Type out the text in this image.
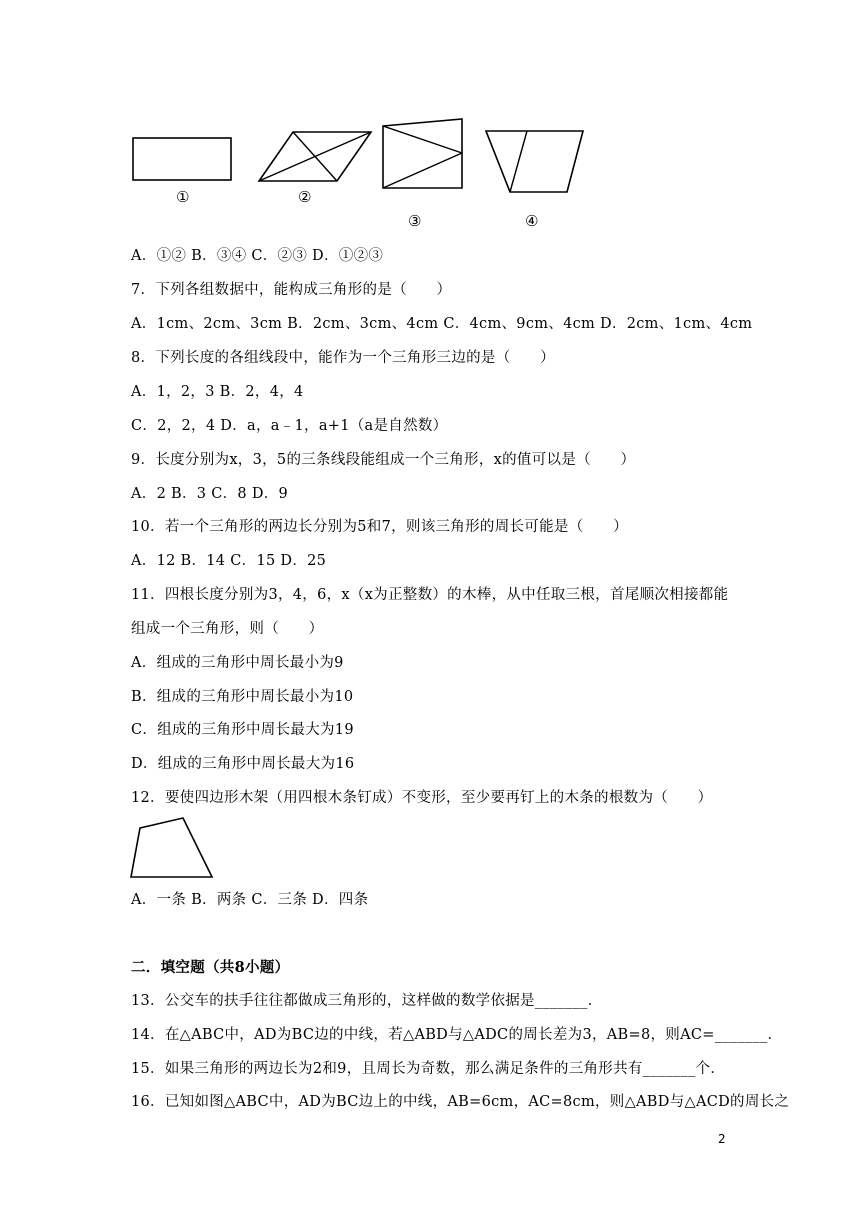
①	②
③	④

A．①② B．③④ C．②③ D．①②③

7．下列各组数据中，能构成三角形的是（　　）

A．1cm、2cm、3cm B．2cm、3cm、4cm C．4cm、9cm、4cm D．2cm、1cm、4cm

8．下列长度的各组线段中，能作为一个三角形三边的是（　　）

A．1，2，3 B．2，4，4

C．2，2，4 D．a，a﹣1，a+1（a是自然数）

9．长度分别为x，3，5的三条线段能组成一个三角形，x的值可以是（　　）

A．2 B．3 C．8 D．9

10．若一个三角形的两边长分别为5和7，则该三角形的周长可能是（　　）

A．12 B．14 C．15 D．25

11．四根长度分别为3，4，6，x（x为正整数）的木棒，从中任取三根，首尾顺次相接都能

组成一个三角形，则（　　）

A．组成的三角形中周长最小为9

B．组成的三角形中周长最小为10

C．组成的三角形中周长最大为19

D．组成的三角形中周长最大为16

12．要使四边形木架（用四根木条钉成）不变形，至少要再钉上的木条的根数为（　　）

A．一条 B．两条 C．三条 D．四条

二．填空题（共8小题）

13．公交车的扶手往往都做成三角形的，这样做的数学依据是_______．

14．在△ABC中，AD为BC边的中线，若△ABD与△ADC的周长差为3，AB=8，则AC=_______．

15．如果三角形的两边长为2和9，且周长为奇数，那么满足条件的三角形共有_______个．

16．已知如图△ABC中，AD为BC边上的中线，AB=6cm，AC=8cm，则△ABD与△ACD的周长之

2
